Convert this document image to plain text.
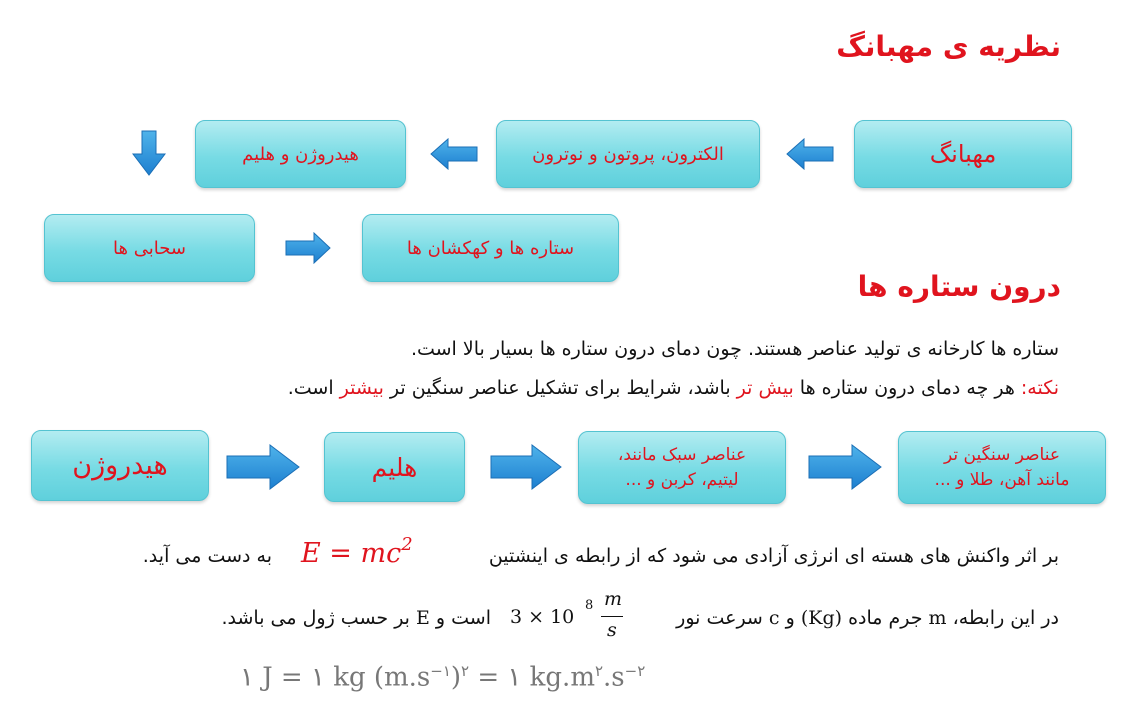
نظریه ی مهبانگ
مهبانگ
الکترون، پروتون و نوترون
هیدروژن و هلیم
سحابی ها	ستاره ها و کهکشان ها
درون ستاره ها
ستاره ها کارخانه ی تولید عناصر هستند. چون دمای درون ستاره ها بسیار بالا است.
نکته: هر چه دمای درون ستاره ها بیش تر باشد، شرایط برای تشکیل عناصر سنگین تر بیشتر است.
هیدروژن	هلیم	عناصر سبک مانند،
لیتیم، کربن و ...
عناصر سنگین تر
مانند آهن، طلا و ...
بر اثر واکنش های هسته ای انرژی آزادی می شود که از رابطه ی اینشتین
$E = mc^2$
به دست می آید.
در این رابطه، m جرم ماده (Kg) و c سرعت نور
3 × 10
8 m
s
است و E بر حسب ژول می باشد.
۱ J = ۱ kg $(m.s^{-۱})^۲$ = ۱ $kg.m^۲.s^{-۲}$
